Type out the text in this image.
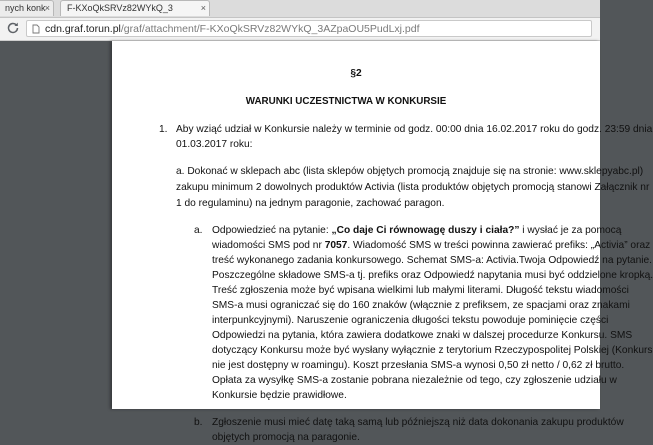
nych konk ×	F-KXoQkSRVz82WYkQ_3	×
cdn.graf.torun.pl/graf/attachment/F-KXoQkSRVz82WYkQ_3AZpaOU5PudLxj.pdf
§2
WARUNKI UCZESTNICTWA W KONKURSIE
1. Aby wziąć udział w Konkursie należy w terminie od godz. 00:00 dnia 16.02.2017 roku do godz. 23:59 dnia
01.03.2017 roku:
a. Dokonać w sklepach abc (lista sklepów objętych promocją znajduje się na stronie: www.sklepyabc.pl)
zakupu minimum 2 dowolnych produktów Activia (lista produktów objętych promocją stanowi Załącznik nr
1 do regulaminu) na jednym paragonie, zachować paragon.
a. Odpowiedzieć na pytanie: „Co daje Ci równowagę duszy i ciała?” i wysłać je za pomocą
wiadomości SMS pod nr 7057. Wiadomość SMS w treści powinna zawierać prefiks: „Activia” oraz
treść wykonanego zadania konkursowego. Schemat SMS-a: Activia.Twoja Odpowiedź na pytanie.
Poszczególne składowe SMS-a tj. prefiks oraz Odpowiedź napytania musi być oddzielone kropką.
Treść zgłoszenia może być wpisana wielkimi lub małymi literami. Długość tekstu wiadomości
SMS-a musi ograniczać się do 160 znaków (włącznie z prefiksem, ze spacjami oraz znakami
interpunkcyjnymi). Naruszenie ograniczenia długości tekstu powoduje pominięcie części
Odpowiedzi na pytania, która zawiera dodatkowe znaki w dalszej procedurze Konkursu. SMS
dotyczący Konkursu może być wysłany wyłącznie z terytorium Rzeczypospolitej Polskiej (Konkurs
nie jest dostępny w roamingu). Koszt przesłania SMS-a wynosi 0,50 zł netto / 0,62 zł brutto.
Opłata za wysyłkę SMS-a zostanie pobrana niezależnie od tego, czy zgłoszenie udziału w
Konkursie będzie prawidłowe.
b. Zgłoszenie musi mieć datę taką samą lub późniejszą niż data dokonania zakupu produktów
objętych promocją na paragonie.
